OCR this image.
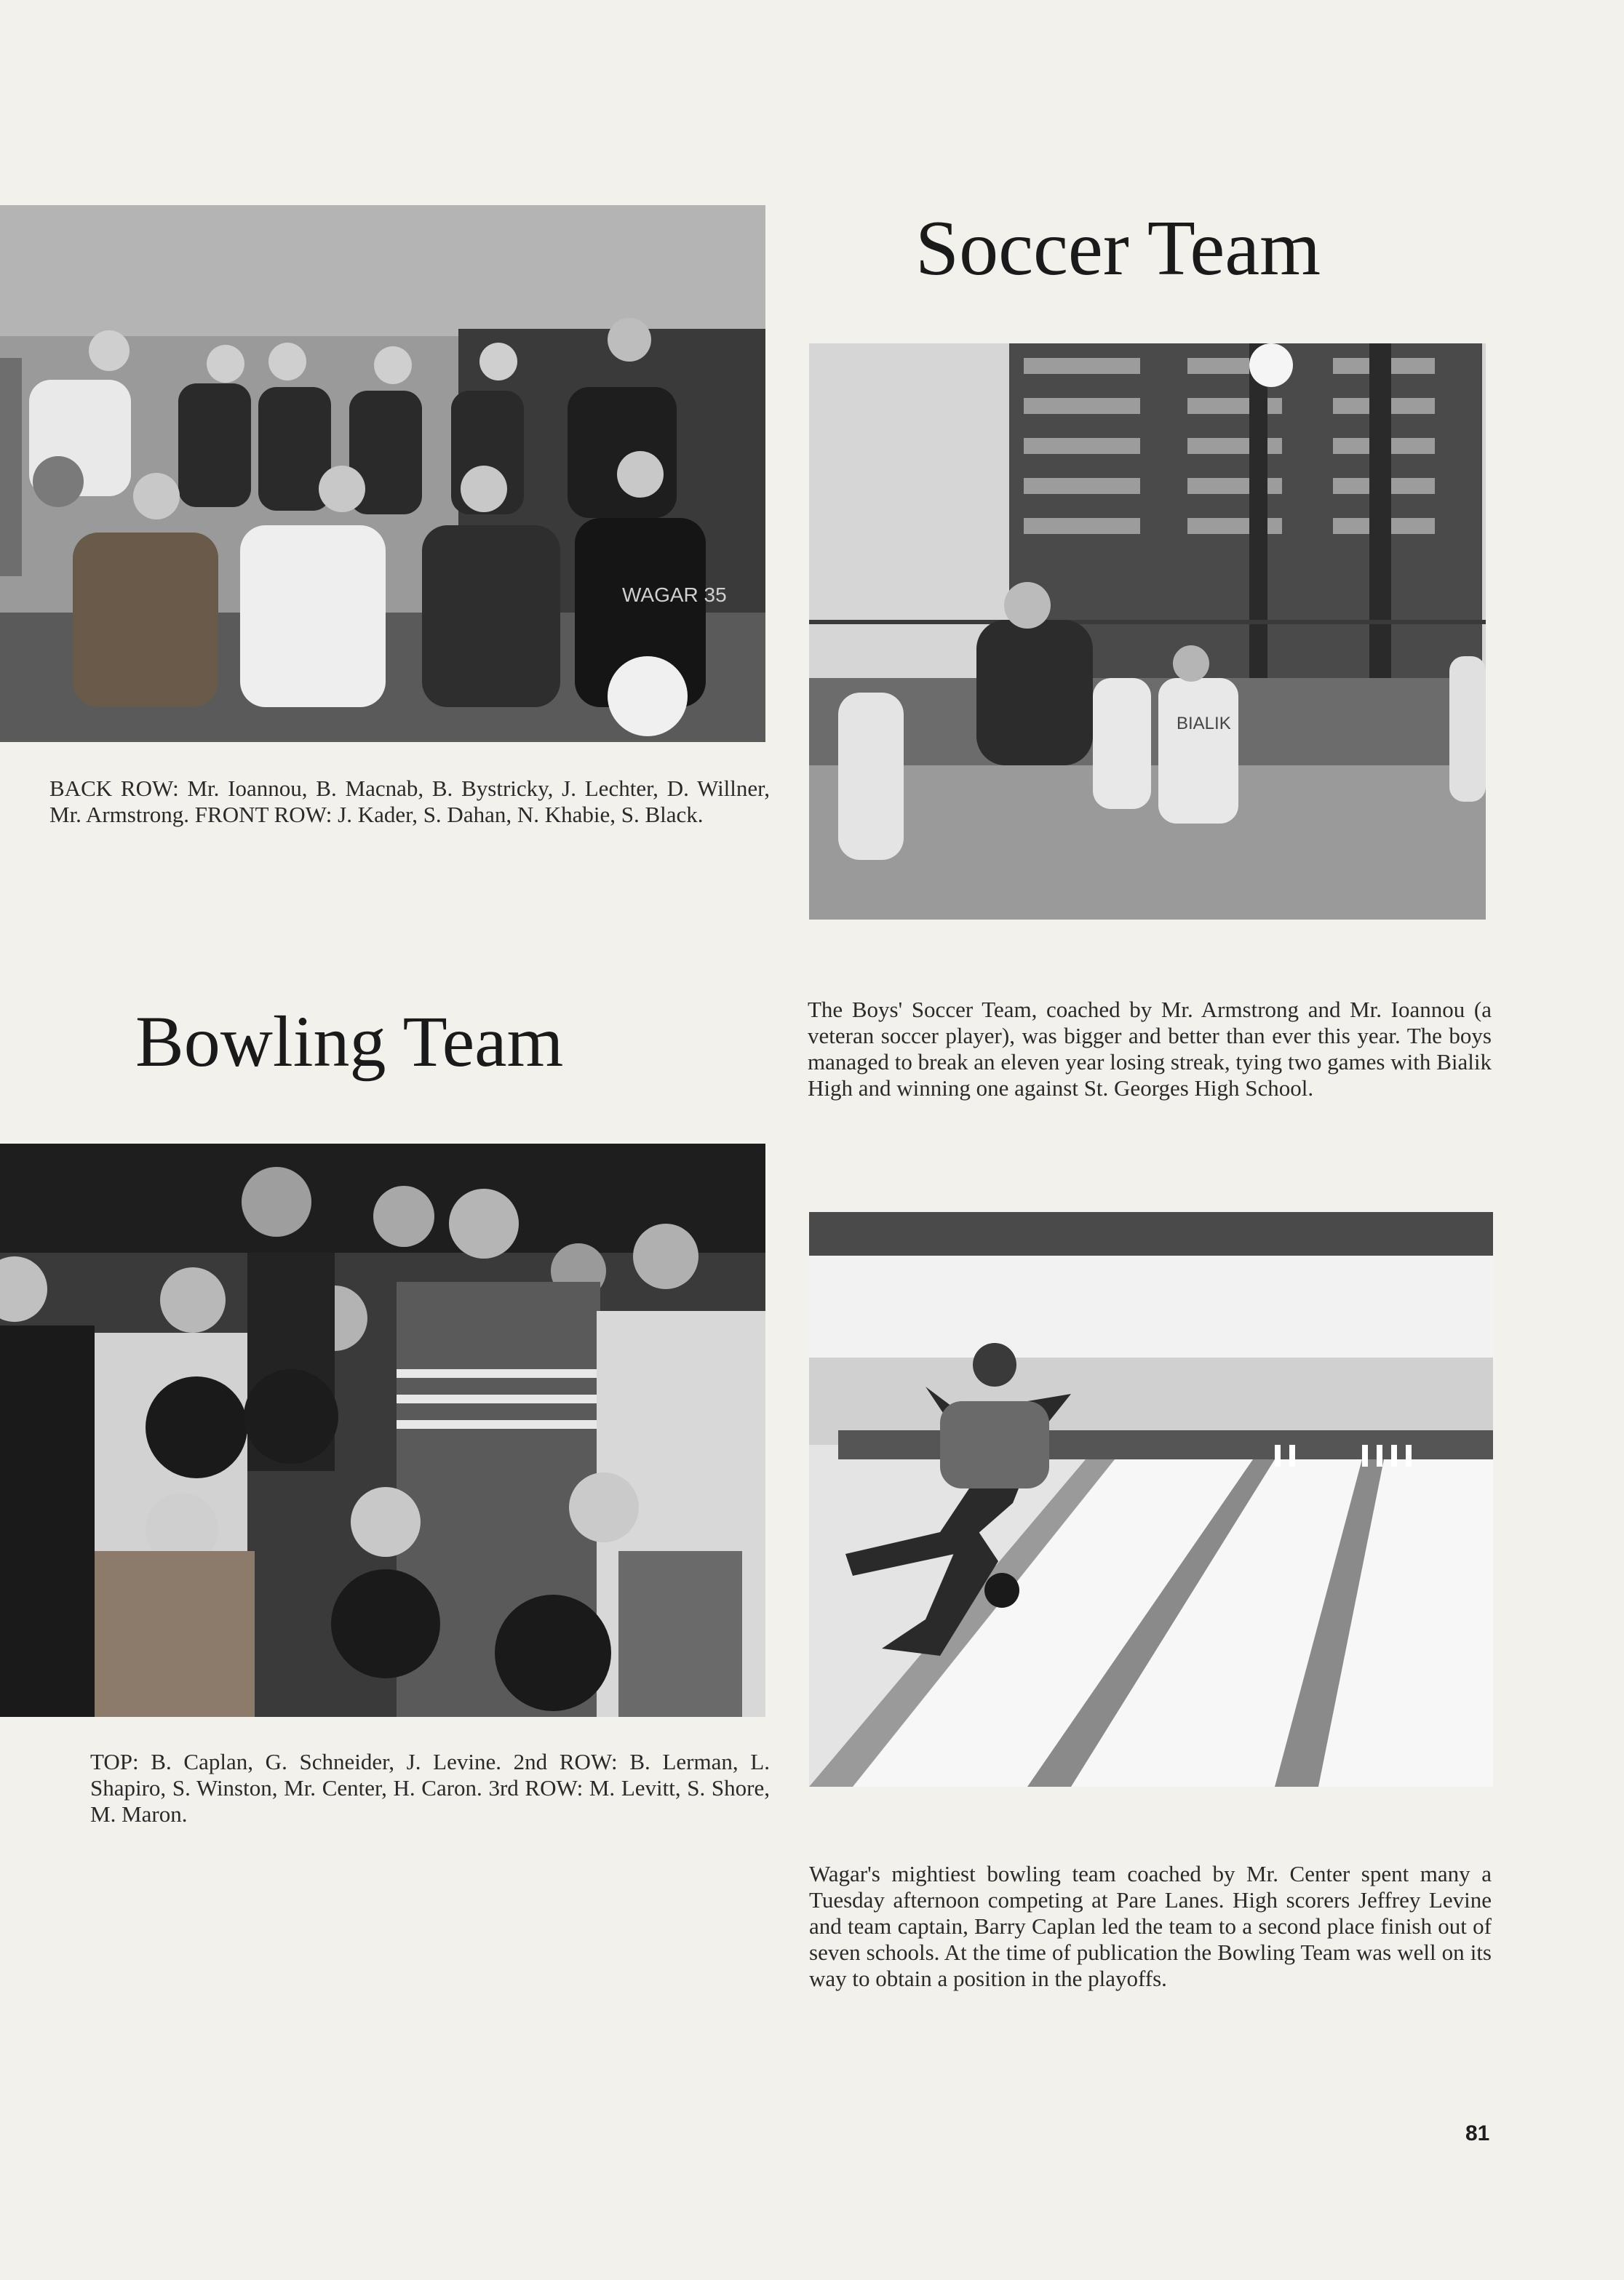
WAGAR 35
Soccer Team
BIALIK

BACK ROW: Mr. Ioannou, B. Macnab, B. Bystricky, J. Lechter, D. Willner, Mr. Armstrong. FRONT ROW: J. Kader, S. Dahan, N. Khabie, S. Black.

Bowling Team	The Boys' Soccer Team, coached by Mr. Armstrong and Mr. Ioannou (a veteran soccer player), was bigger and better than ever this year. The boys managed to break an eleven year losing streak, tying two games with Bialik High and winning one against St. Georges High School.

TOP: B. Caplan, G. Schneider, J. Levine. 2nd ROW: B. Lerman, L. Shapiro, S. Winston, Mr. Center, H. Caron. 3rd ROW: M. Levitt, S. Shore, M. Maron.

Wagar's mightiest bowling team coached by Mr. Center spent many a Tuesday afternoon competing at Pare Lanes. High scorers Jeffrey Levine and team captain, Barry Caplan led the team to a second place finish out of seven schools. At the time of publication the Bowling Team was well on its way to obtain a position in the playoffs.

81
